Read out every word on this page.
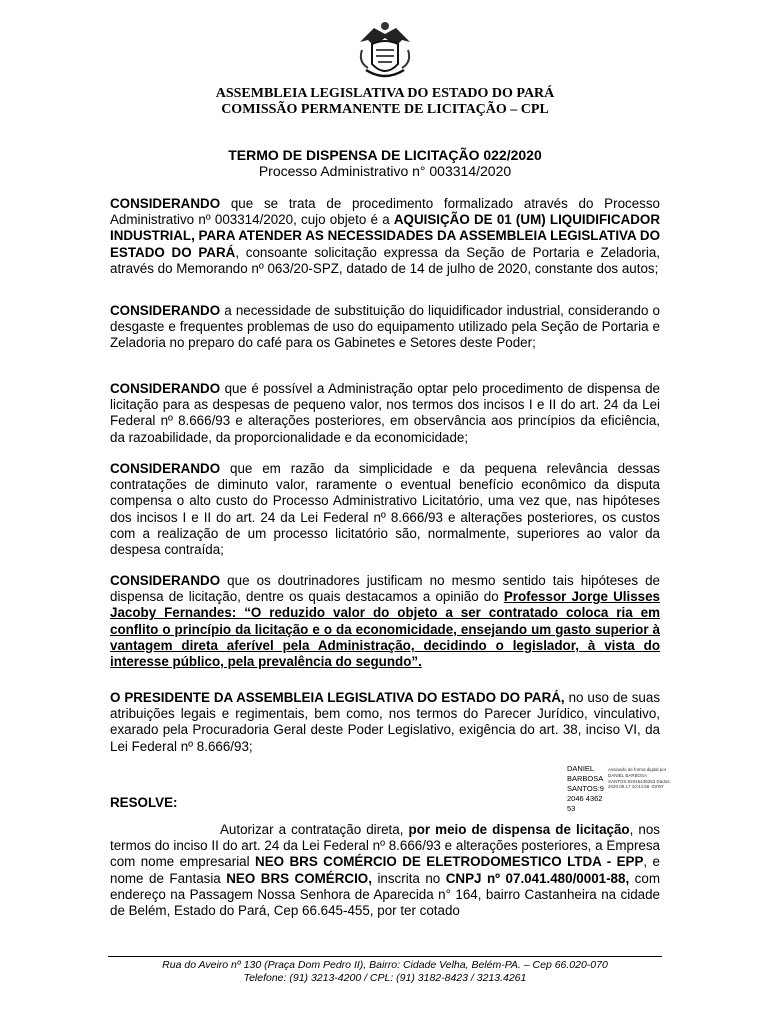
ASSEMBLEIA LEGISLATIVA DO ESTADO DO PARÁ
COMISSÃO PERMANENTE DE LICITAÇÃO – CPL
TERMO DE DISPENSA DE LICITAÇÃO 022/2020
Processo Administrativo n° 003314/2020

CONSIDERANDO que se trata de procedimento formalizado através do Processo Administrativo nº 003314/2020, cujo objeto é a AQUISIÇÃO DE 01 (UM) LIQUIDIFICADOR INDUSTRIAL, PARA ATENDER AS NECESSIDADES DA ASSEMBLEIA LEGISLATIVA DO ESTADO DO PARÁ, consoante solicitação expressa da Seção de Portaria e Zeladoria, através do Memorando nº 063/20-SPZ, datado de 14 de julho de 2020, constante dos autos;

CONSIDERANDO a necessidade de substituição do liquidificador industrial, considerando o desgaste e frequentes problemas de uso do equipamento utilizado pela Seção de Portaria e Zeladoria no preparo do café para os Gabinetes e Setores deste Poder;

CONSIDERANDO que é possível a Administração optar pelo procedimento de dispensa de licitação para as despesas de pequeno valor, nos termos dos incisos I e II do art. 24 da Lei Federal nº 8.666/93 e alterações posteriores, em observância aos princípios da eficiência, da razoabilidade, da proporcionalidade e da economicidade;

CONSIDERANDO que em razão da simplicidade e da pequena relevância dessas contratações de diminuto valor, raramente o eventual benefício econômico da disputa compensa o alto custo do Processo Administrativo Licitatório, uma vez que, nas hipóteses dos incisos I e II do art. 24 da Lei Federal nº 8.666/93 e alterações posteriores, os custos com a realização de um processo licitatório são, normalmente, superiores ao valor da despesa contraída;

CONSIDERANDO que os doutrinadores justificam no mesmo sentido tais hipóteses de dispensa de licitação, dentre os quais destacamos a opinião do Professor Jorge Ulisses Jacoby Fernandes: “O reduzido valor do objeto a ser contratado coloca ria em conflito o princípio da licitação e o da economicidade, ensejando um gasto superior à vantagem direta aferível pela Administração, decidindo o legislador, à vista do interesse público, pela prevalência do segundo”.

O PRESIDENTE DA ASSEMBLEIA LEGISLATIVA DO ESTADO DO PARÁ, no uso de suas atribuições legais e regimentais, bem como, nos termos do Parecer Jurídico, vinculativo, exarado pela Procuradoria Geral deste Poder Legislativo, exigência do art. 38, inciso VI, da Lei Federal nº 8.666/93;

DANIEL BARBOSA SANTOS:9 2046 4362 53
Assinado de forma digital por DANIEL BARBOSA SANTOS:92046436253 Dados: 2020.09.17 10:44:58 -03'00'
RESOLVE:

Autorizar a contratação direta, por meio de dispensa de licitação, nos termos do inciso II do art. 24 da Lei Federal nº 8.666/93 e alterações posteriores, a Empresa com nome empresarial NEO BRS COMÉRCIO DE ELETRODOMESTICO LTDA - EPP, e nome de Fantasia NEO BRS COMÉRCIO, inscrita no CNPJ nº 07.041.480/0001-88, com endereço na Passagem Nossa Senhora de Aparecida n° 164, bairro Castanheira na cidade de Belém, Estado do Pará, Cep 66.645-455, por ter cotado

Rua do Aveiro nº 130 (Praça Dom Pedro II), Bairro: Cidade Velha, Belém-PA. – Cep 66.020-070
Telefone: (91) 3213-4200 / CPL: (91) 3182-8423 / 3213.4261
